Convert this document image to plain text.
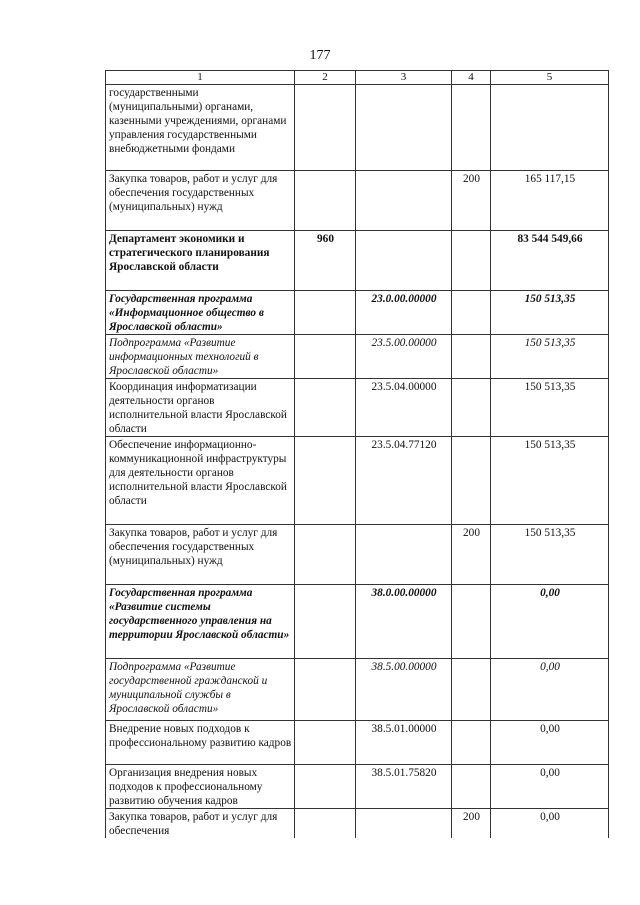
177
1	2	3	4	5
государственными (муниципальными) органами, казенными учреждениями, органами управления государственными внебюджетными фондами				
Закупка товаров, работ и услуг для обеспечения государственных (муниципальных) нужд			200	165 117,15
Департамент экономики и стратегического планирования Ярославской области	960			83 544 549,66
Государственная программа «Информационное общество в Ярославской области»		23.0.00.00000		150 513,35
Подпрограмма «Развитие информационных технологий в Ярославской области»		23.5.00.00000		150 513,35
Координация информатизации деятельности органов исполнительной власти Ярославской области		23.5.04.00000		150 513,35
Обеспечение информационно-коммуникационной инфраструктуры для деятельности органов исполнительной власти Ярославской области		23.5.04.77120		150 513,35
Закупка товаров, работ и услуг для обеспечения государственных (муниципальных) нужд			200	150 513,35
Государственная программа «Развитие системы государственного управления на территории Ярославской области»		38.0.00.00000		0,00
Подпрограмма «Развитие государственной гражданской и муниципальной службы в Ярославской области»		38.5.00.00000		0,00
Внедрение новых подходов к профессиональному развитию кадров		38.5.01.00000		0,00
Организация внедрения новых подходов к профессиональному развитию обучения кадров		38.5.01.75820		0,00
Закупка товаров, работ и услуг для обеспечения			200	0,00
